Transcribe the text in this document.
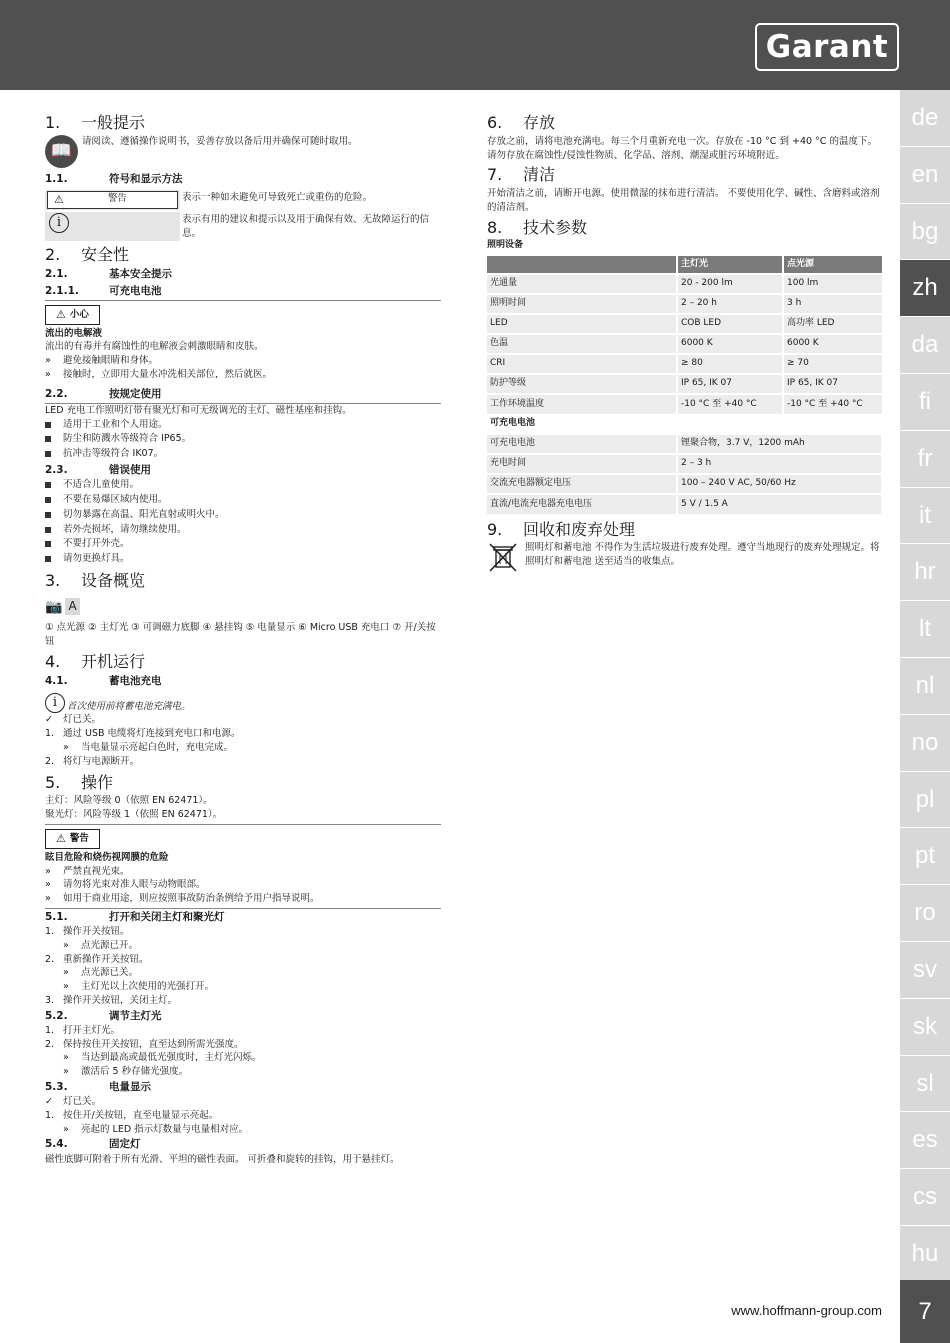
Garant
de
en
bg
zh
da
fi
fr
it
hr
lt
nl
no
pl
pt
ro
sv
sk
sl
es
cs
hu
7
www.hoffmann-group.com
1.	一般提示
📖	请阅读、遵循操作说明书，妥善存放以备后用并确保可随时取用。

1.1.	符号和显示方法
⚠ 警告	表示一种如未避免可导致死亡或重伤的危险。
i	表示有用的建议和提示以及用于确保有效、无故障运行的信息。
2.	安全性
2.1.	基本安全提示
2.1.1.	可充电电池
⚠ 小心

流出的电解液

流出的有毒并有腐蚀性的电解液会刺激眼睛和皮肤。

»	避免接触眼睛和身体。
»	接触时，立即用大量水冲洗相关部位，然后就医。
2.2.	按规定使用

LED 充电工作照明灯带有聚光灯和可无级调光的主灯、磁性基座和挂钩。

适用于工业和个人用途。
防尘和防溅水等级符合 IP65。
抗冲击等级符合 IK07。
2.3.	错误使用
不适合儿童使用。
不要在易爆区域内使用。
切勿暴露在高温、阳光直射或明火中。
若外壳损坏，请勿继续使用。
不要打开外壳。
请勿更换灯具。
3.	设备概览
📷 A

① 点光源 ② 主灯光 ③ 可调磁力底脚 ④ 悬挂钩 ⑤ 电量显示 ⑥ Micro USB 充电口 ⑦ 开/关按钮

4.	开机运行
4.1.	蓄电池充电
i	首次使用前将蓄电池充满电。
✓	灯已关。
1. 通过 USB 电缆将灯连接到充电口和电源。
»	当电量显示亮起白色时，充电完成。
2. 将灯与电源断开。
5.	操作

主灯：风险等级 0（依照 EN 62471）。

聚光灯：风险等级 1（依照 EN 62471）。

⚠ 警告

眩目危险和烧伤视网膜的危险

»	严禁直视光束。
»	请勿将光束对准人眼与动物眼部。
»	如用于商业用途，则应按照事故防治条例给予用户指导说明。
5.1.	打开和关闭主灯和聚光灯
1. 操作开关按钮。
»	点光源已开。
2. 重新操作开关按钮。
»	点光源已关。
»	主灯光以上次使用的光强打开。
3. 操作开关按钮，关闭主灯。
5.2.	调节主灯光
1. 打开主灯光。
2. 保持按住开关按钮，直至达到所需光强度。
»	当达到最高或最低光强度时，主灯光闪烁。
»	激活后 5 秒存储光强度。
5.3.	电量显示
✓	灯已关。
1. 按住开/关按钮，直至电量显示亮起。
»	亮起的 LED 指示灯数量与电量相对应。
5.4.	固定灯

磁性底脚可附着于所有光滑、平坦的磁性表面。 可折叠和旋转的挂钩，用于悬挂灯。

6.	存放

存放之前，请将电池充满电。每三个月重新充电一次。存放在 -10 °C 到 +40 °C 的温度下。 请勿存放在腐蚀性/侵蚀性物质、化学品、溶剂、潮湿或脏污环境附近。

7.	清洁

开始清洁之前，请断开电源。使用微湿的抹布进行清洁。 不要使用化学、碱性、含磨料或溶剂的清洁剂。

8.	技术参数

照明设备

	主灯光	点光源
光通量	20 - 200 lm	100 lm
照明时间	2 – 20 h	3 h
LED	COB LED	高功率 LED
色温	6000 K	6000 K
CRI	≥ 80	≥ 70
防护等级	IP 65, IK 07	IP 65, IK 07
工作环境温度	-10 °C 至 +40 °C	-10 °C 至 +40 °C
可充电电池		
可充电电池	锂聚合物，3.7 V，1200 mAh	
充电时间	2 – 3 h	
交流充电器额定电压	100 – 240 V AC, 50/60 Hz	
直流/电流充电器充电电压	5 V / 1.5 A	
9.	回收和废弃处理

照明灯和蓄电池 不得作为生活垃圾进行废弃处理。遵守当地现行的废弃处理规定。将 照明灯和蓄电池 送至适当的收集点。
